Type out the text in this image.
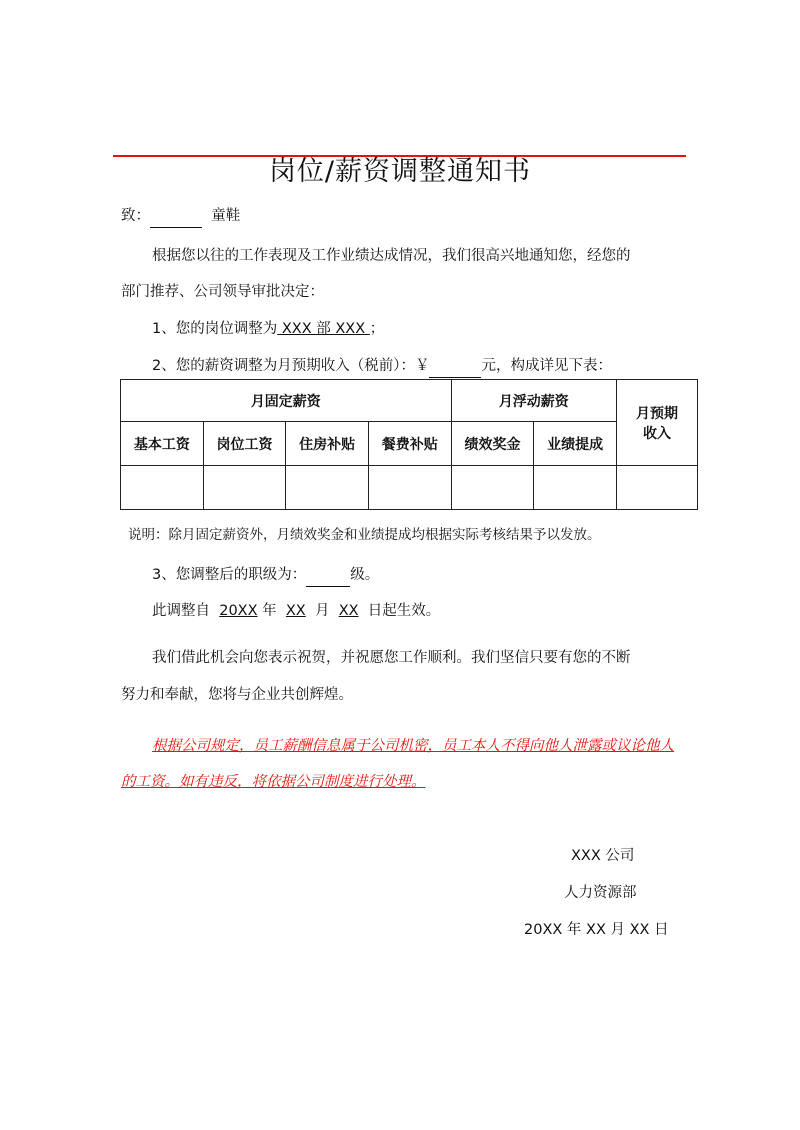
岗位/薪资调整通知书
致：	童鞋
根据您以往的工作表现及工作业绩达成情况，我们很高兴地通知您，经您的
部门推荐、公司领导审批决定：
1、您的岗位调整为 XXX 部 XXX ；
2、您的薪资调整为月预期收入（税前）：￥	元，构成详见下表：
月固定薪资				月浮动薪资		月预期
收入
基本工资	岗位工资	住房补贴	餐费补贴	绩效奖金	业绩提成	

说明：除月固定薪资外，月绩效奖金和业绩提成均根据实际考核结果予以发放。
3、您调整后的职级为：	级。
此调整自 20XX 年 XX 月 XX 日起生效。
我们借此机会向您表示祝贺，并祝愿您工作顺利。我们坚信只要有您的不断
努力和奉献，您将与企业共创辉煌。
根据公司规定，员工薪酬信息属于公司机密，员工本人不得向他人泄露或议论他人
的工资。如有违反，将依据公司制度进行处理。
XXX 公司
人力资源部
20XX 年 XX 月 XX 日
